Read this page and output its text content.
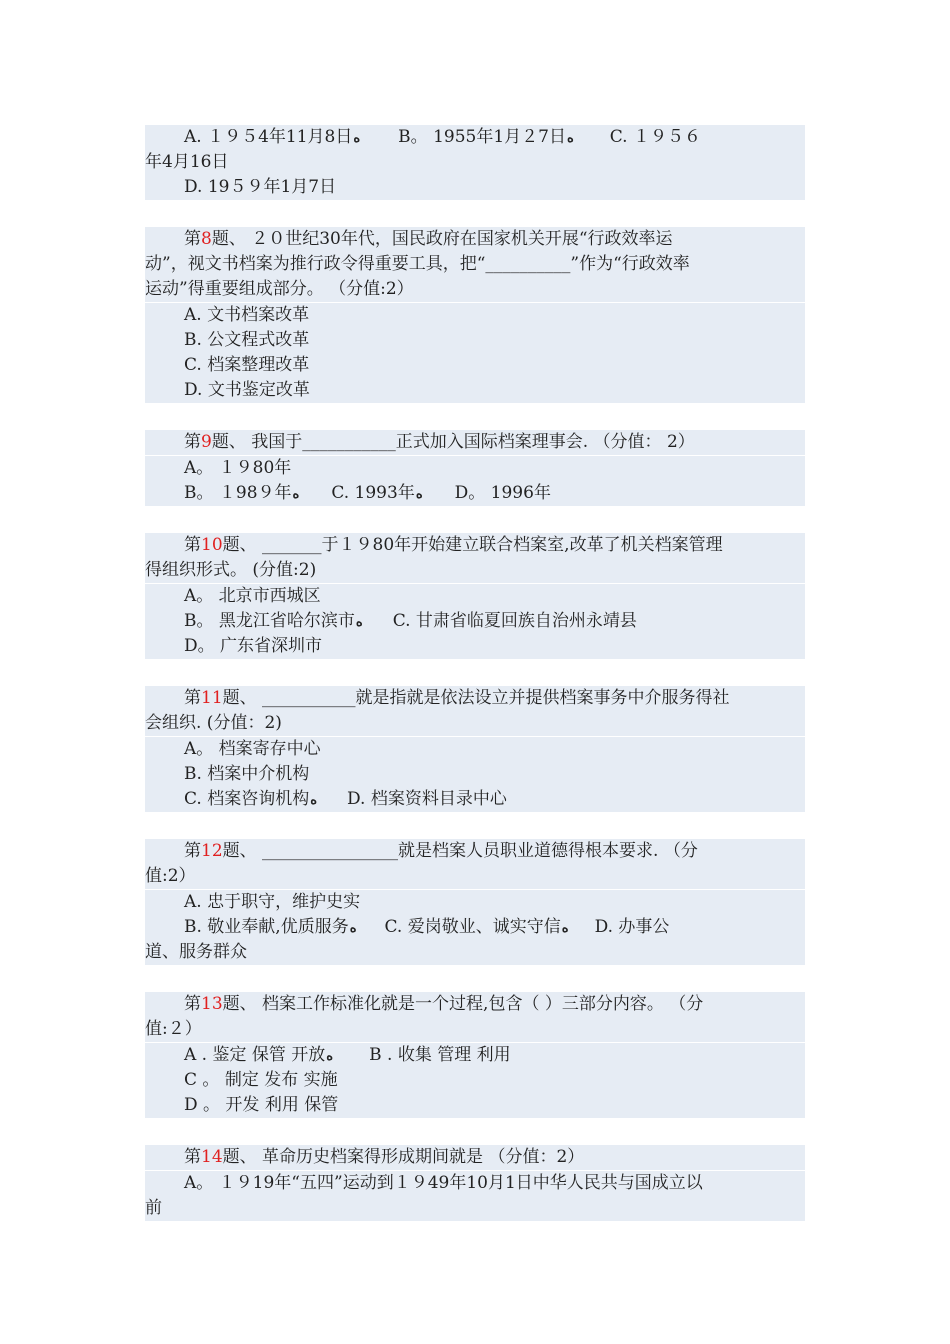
A. １９５4年11月8日ﻩ B。 1955年1月２7日ﻩ C. １９５６
年4月16日
D. 19５９年1月7日
第8题、 ２０世纪30年代，国民政府在国家机关开展“行政效率运
动”，视文书档案为推行政令得重要工具，把“__________”作为“行政效率
运动”得重要组成部分。 （分值:2）
A. 文书档案改革
B. 公文程式改革
C. 档案整理改革
D. 文书鉴定改革
第9题、 我国于___________正式加入国际档案理事会. （分值： 2）
A。 １９80年
B。 １98９年ﻩ C. 1993年ﻩ D。 1996年
第10题、 _______于１９80年开始建立联合档案室,改革了机关档案管理
得组织形式。 (分值:2)
A。 北京市西城区
B。 黑龙江省哈尔滨市ﻩ C. 甘肃省临夏回族自治州永靖县
D。 广东省深圳市
第11题、 ___________就是指就是依法设立并提供档案事务中介服务得社
会组织. (分值：2)
A。 档案寄存中心
B. 档案中介机构
C. 档案咨询机构ﻩ D. 档案资料目录中心
第12题、 ________________就是档案人员职业道德得根本要求. （分
值:2）
A. 忠于职守，维护史实
B. 敬业奉献,优质服务ﻩ C. 爱岗敬业、诚实守信ﻩ D. 办事公
道、服务群众
第13题、 档案工作标准化就是一个过程,包含（ ）三部分内容。 （分
值:２）
A . 鉴定 保管 开放ﻩ B . 收集 管理 利用
C 。 制定 发布 实施
D 。 开发 利用 保管
第14题、 革命历史档案得形成期间就是 （分值：2）
A。 １９19年“五四”运动到１９49年10月1日中华人民共与国成立以
前
